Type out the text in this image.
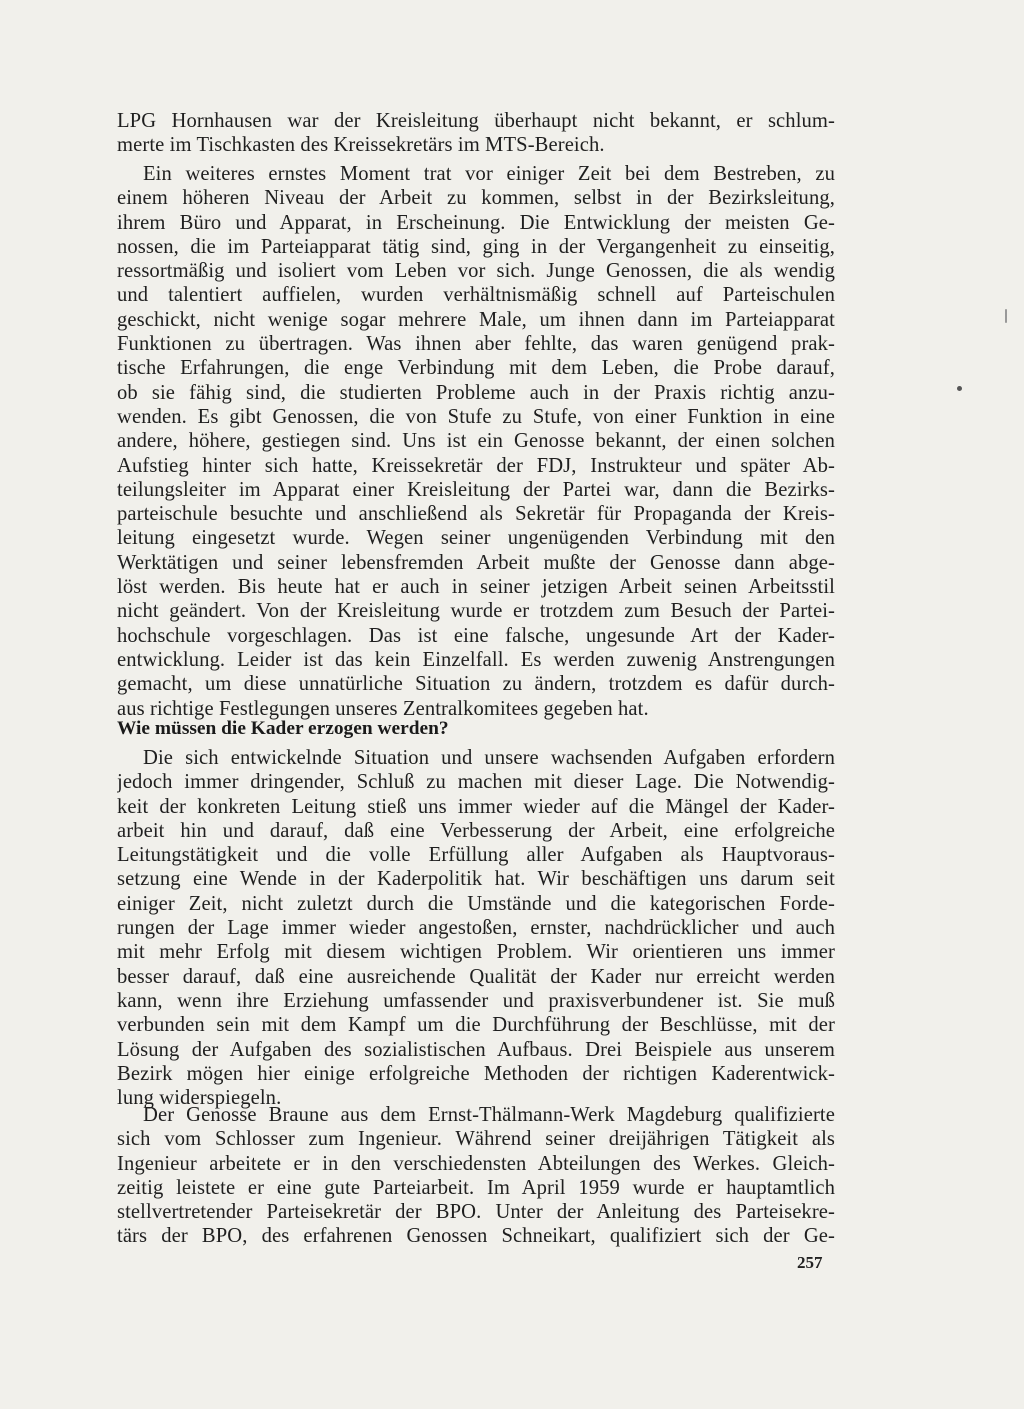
LPG Hornhausen war der Kreisleitung überhaupt nicht bekannt, er schlum-
merte im Tischkasten des Kreissekretärs im MTS-Bereich.
Ein weiteres ernstes Moment trat vor einiger Zeit bei dem Bestreben, zu
einem höheren Niveau der Arbeit zu kommen, selbst in der Bezirksleitung,
ihrem Büro und Apparat, in Erscheinung. Die Entwicklung der meisten Ge-
nossen, die im Parteiapparat tätig sind, ging in der Vergangenheit zu einseitig,
ressortmäßig und isoliert vom Leben vor sich. Junge Genossen, die als wendig
und talentiert auffielen, wurden verhältnismäßig schnell auf Parteischulen
geschickt, nicht wenige sogar mehrere Male, um ihnen dann im Parteiapparat
Funktionen zu übertragen. Was ihnen aber fehlte, das waren genügend prak-
tische Erfahrungen, die enge Verbindung mit dem Leben, die Probe darauf,
ob sie fähig sind, die studierten Probleme auch in der Praxis richtig anzu-
wenden. Es gibt Genossen, die von Stufe zu Stufe, von einer Funktion in eine
andere, höhere, gestiegen sind. Uns ist ein Genosse bekannt, der einen solchen
Aufstieg hinter sich hatte, Kreissekretär der FDJ, Instrukteur und später Ab-
teilungsleiter im Apparat einer Kreisleitung der Partei war, dann die Bezirks-
parteischule besuchte und anschließend als Sekretär für Propaganda der Kreis-
leitung eingesetzt wurde. Wegen seiner ungenügenden Verbindung mit den
Werktätigen und seiner lebensfremden Arbeit mußte der Genosse dann abge-
löst werden. Bis heute hat er auch in seiner jetzigen Arbeit seinen Arbeitsstil
nicht geändert. Von der Kreisleitung wurde er trotzdem zum Besuch der Partei-
hochschule vorgeschlagen. Das ist eine falsche, ungesunde Art der Kader-
entwicklung. Leider ist das kein Einzelfall. Es werden zuwenig Anstrengungen
gemacht, um diese unnatürliche Situation zu ändern, trotzdem es dafür durch-
aus richtige Festlegungen unseres Zentralkomitees gegeben hat.
Wie müssen die Kader erzogen werden?
Die sich entwickelnde Situation und unsere wachsenden Aufgaben erfordern
jedoch immer dringender, Schluß zu machen mit dieser Lage. Die Notwendig-
keit der konkreten Leitung stieß uns immer wieder auf die Mängel der Kader-
arbeit hin und darauf, daß eine Verbesserung der Arbeit, eine erfolgreiche
Leitungstätigkeit und die volle Erfüllung aller Aufgaben als Hauptvoraus-
setzung eine Wende in der Kaderpolitik hat. Wir beschäftigen uns darum seit
einiger Zeit, nicht zuletzt durch die Umstände und die kategorischen Forde-
rungen der Lage immer wieder angestoßen, ernster, nachdrücklicher und auch
mit mehr Erfolg mit diesem wichtigen Problem. Wir orientieren uns immer
besser darauf, daß eine ausreichende Qualität der Kader nur erreicht werden
kann, wenn ihre Erziehung umfassender und praxisverbundener ist. Sie muß
verbunden sein mit dem Kampf um die Durchführung der Beschlüsse, mit der
Lösung der Aufgaben des sozialistischen Aufbaus. Drei Beispiele aus unserem
Bezirk mögen hier einige erfolgreiche Methoden der richtigen Kaderentwick-
lung widerspiegeln.
Der Genosse Braune aus dem Ernst-Thälmann-Werk Magdeburg qualifizierte
sich vom Schlosser zum Ingenieur. Während seiner dreijährigen Tätigkeit als
Ingenieur arbeitete er in den verschiedensten Abteilungen des Werkes. Gleich-
zeitig leistete er eine gute Parteiarbeit. Im April 1959 wurde er hauptamtlich
stellvertretender Parteisekretär der BPO. Unter der Anleitung des Parteisekre-
tärs der BPO, des erfahrenen Genossen Schneikart, qualifiziert sich der Ge-
257
